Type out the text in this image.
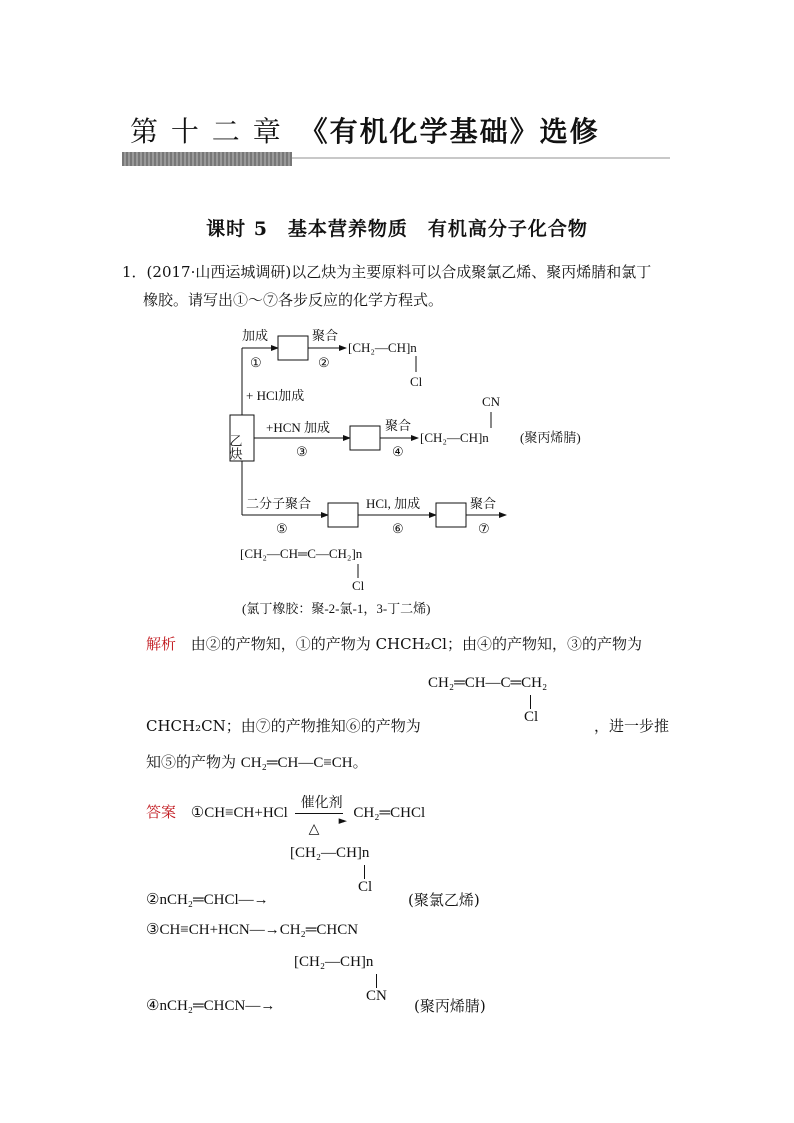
第 十 二 章 《有机化学基础》选修
课时 5　基本营养物质　有机高分子化合物
1．(2017·山西运城调研)以乙炔为主要原料可以合成聚氯乙烯、聚丙烯腈和氯丁
橡胶。请写出①～⑦各步反应的化学方程式。
乙炔
加成
①
聚合
②
[CH₂—CH]n
Cl
+ HCl加成
+HCN 加成
③
聚合
④
CN
[CH₂—CH]n (聚丙烯腈)
二分子聚合
⑤
HCl, 加成
⑥
聚合
⑦
[CH₂—CH═C—CH₂]n
Cl
(氯丁橡胶：聚-2-氯-1，3-丁二烯)
解析 由②的产物知，①的产物为 CHCH₂Cl；由④的产物知，③的产物为
CH₂═CH—C═CH₂
Cl
CHCH₂CN；由⑦的产物推知⑥的产物为	，进一步推
知⑤的产物为 CH₂═CH—C≡CH。
答案 ①CH≡CH+HCl
催化剂
►
△
CH₂═CHCl
[CH₂—CH]n
Cl
②nCH₂═CHCl—→	(聚氯乙烯)
③CH≡CH+HCN—→CH₂═CHCN
[CH₂—CH]n
CN
④nCH₂═CHCN—→	(聚丙烯腈)
